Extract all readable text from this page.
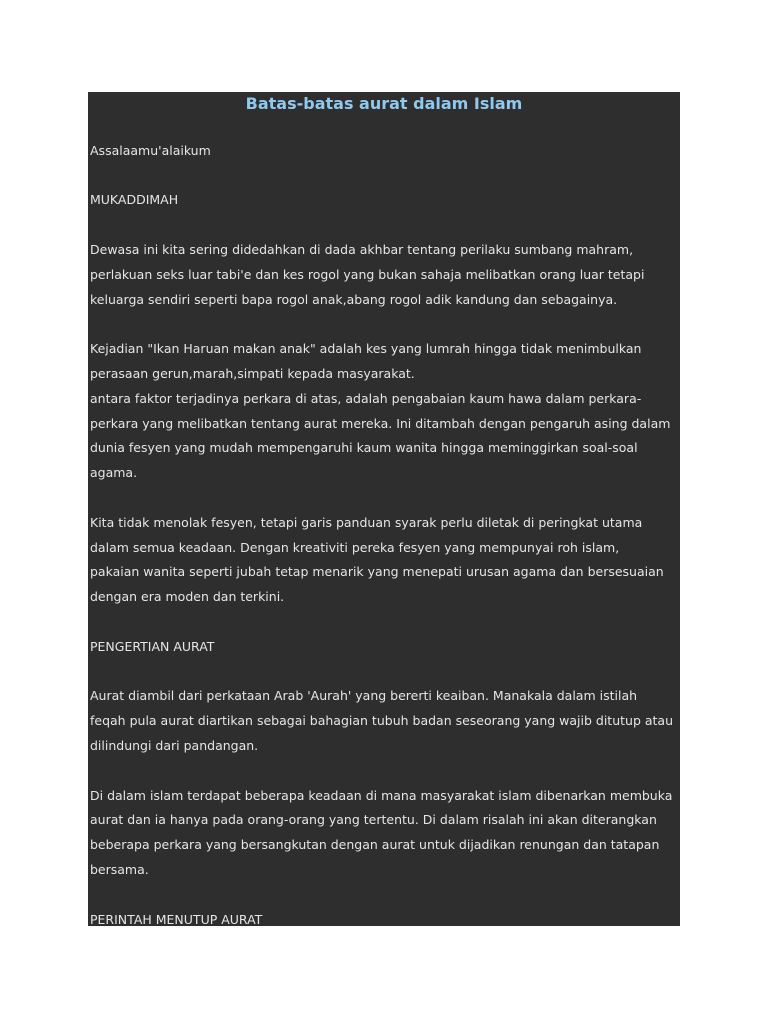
Batas-batas aurat dalam Islam

Assalaamu'alaikum

MUKADDIMAH

Dewasa ini kita sering didedahkan di dada akhbar tentang perilaku sumbang mahram,
perlakuan seks luar tabi'e dan kes rogol yang bukan sahaja melibatkan orang luar tetapi
keluarga sendiri seperti bapa rogol anak,abang rogol adik kandung dan sebagainya.

Kejadian "Ikan Haruan makan anak" adalah kes yang lumrah hingga tidak menimbulkan
perasaan gerun,marah,simpati kepada masyarakat.
antara faktor terjadinya perkara di atas, adalah pengabaian kaum hawa dalam perkara-
perkara yang melibatkan tentang aurat mereka. Ini ditambah dengan pengaruh asing dalam
dunia fesyen yang mudah mempengaruhi kaum wanita hingga meminggirkan soal-soal
agama.

Kita tidak menolak fesyen, tetapi garis panduan syarak perlu diletak di peringkat utama
dalam semua keadaan. Dengan kreativiti pereka fesyen yang mempunyai roh islam,
pakaian wanita seperti jubah tetap menarik yang menepati urusan agama dan bersesuaian
dengan era moden dan terkini.

PENGERTIAN AURAT

Aurat diambil dari perkataan Arab 'Aurah' yang bererti keaiban. Manakala dalam istilah
feqah pula aurat diartikan sebagai bahagian tubuh badan seseorang yang wajib ditutup atau
dilindungi dari pandangan.

Di dalam islam terdapat beberapa keadaan di mana masyarakat islam dibenarkan membuka
aurat dan ia hanya pada orang-orang yang tertentu. Di dalam risalah ini akan diterangkan
beberapa perkara yang bersangkutan dengan aurat untuk dijadikan renungan dan tatapan
bersama.

PERINTAH MENUTUP AURAT
